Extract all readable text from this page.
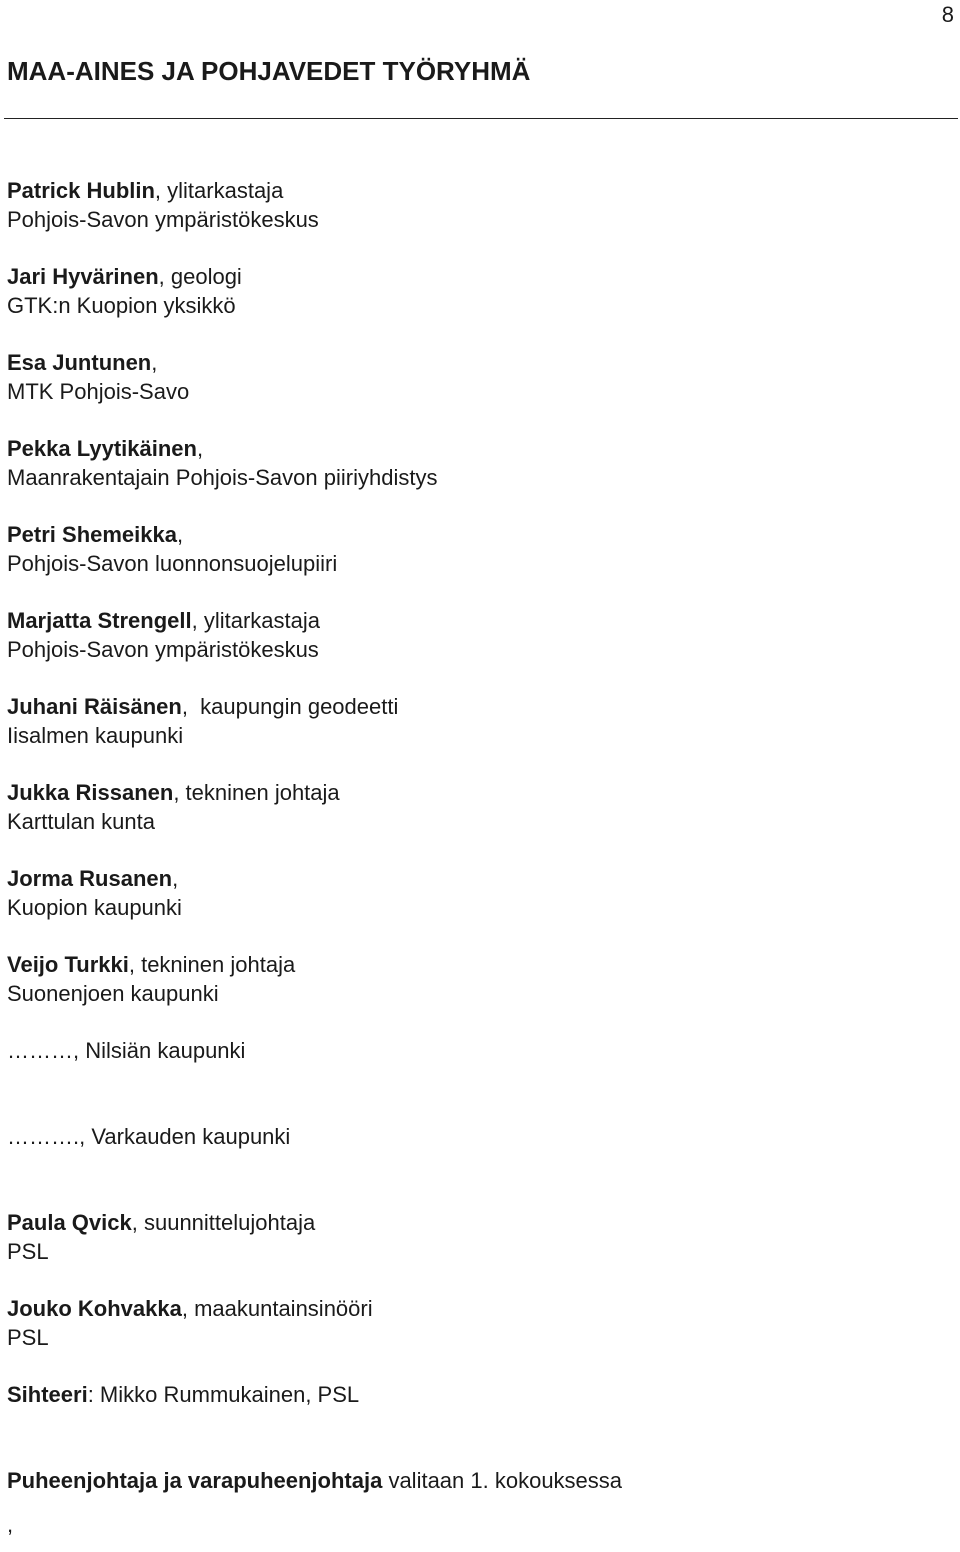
8
MAA-AINES JA POHJAVEDET TYÖRYHMÄ
Patrick Hublin, ylitarkastaja
Pohjois-Savon ympäristökeskus
Jari Hyvärinen, geologi
GTK:n Kuopion yksikkö
Esa Juntunen,
MTK Pohjois-Savo
Pekka Lyytikäinen,
Maanrakentajain Pohjois-Savon piiriyhdistys
Petri Shemeikka,
Pohjois-Savon luonnonsuojelupiiri
Marjatta Strengell, ylitarkastaja
Pohjois-Savon ympäristökeskus
Juhani Räisänen,  kaupungin geodeetti
Iisalmen kaupunki
Jukka Rissanen, tekninen johtaja
Karttulan kunta
Jorma Rusanen,
Kuopion kaupunki
Veijo Turkki, tekninen johtaja
Suonenjoen kaupunki
………, Nilsiän kaupunki
………., Varkauden kaupunki
Paula Qvick, suunnittelujohtaja
PSL
Jouko Kohvakka, maakuntainsinööri
PSL
Sihteeri: Mikko Rummukainen, PSL
Puheenjohtaja ja varapuheenjohtaja valitaan 1. kokouksessa
,
